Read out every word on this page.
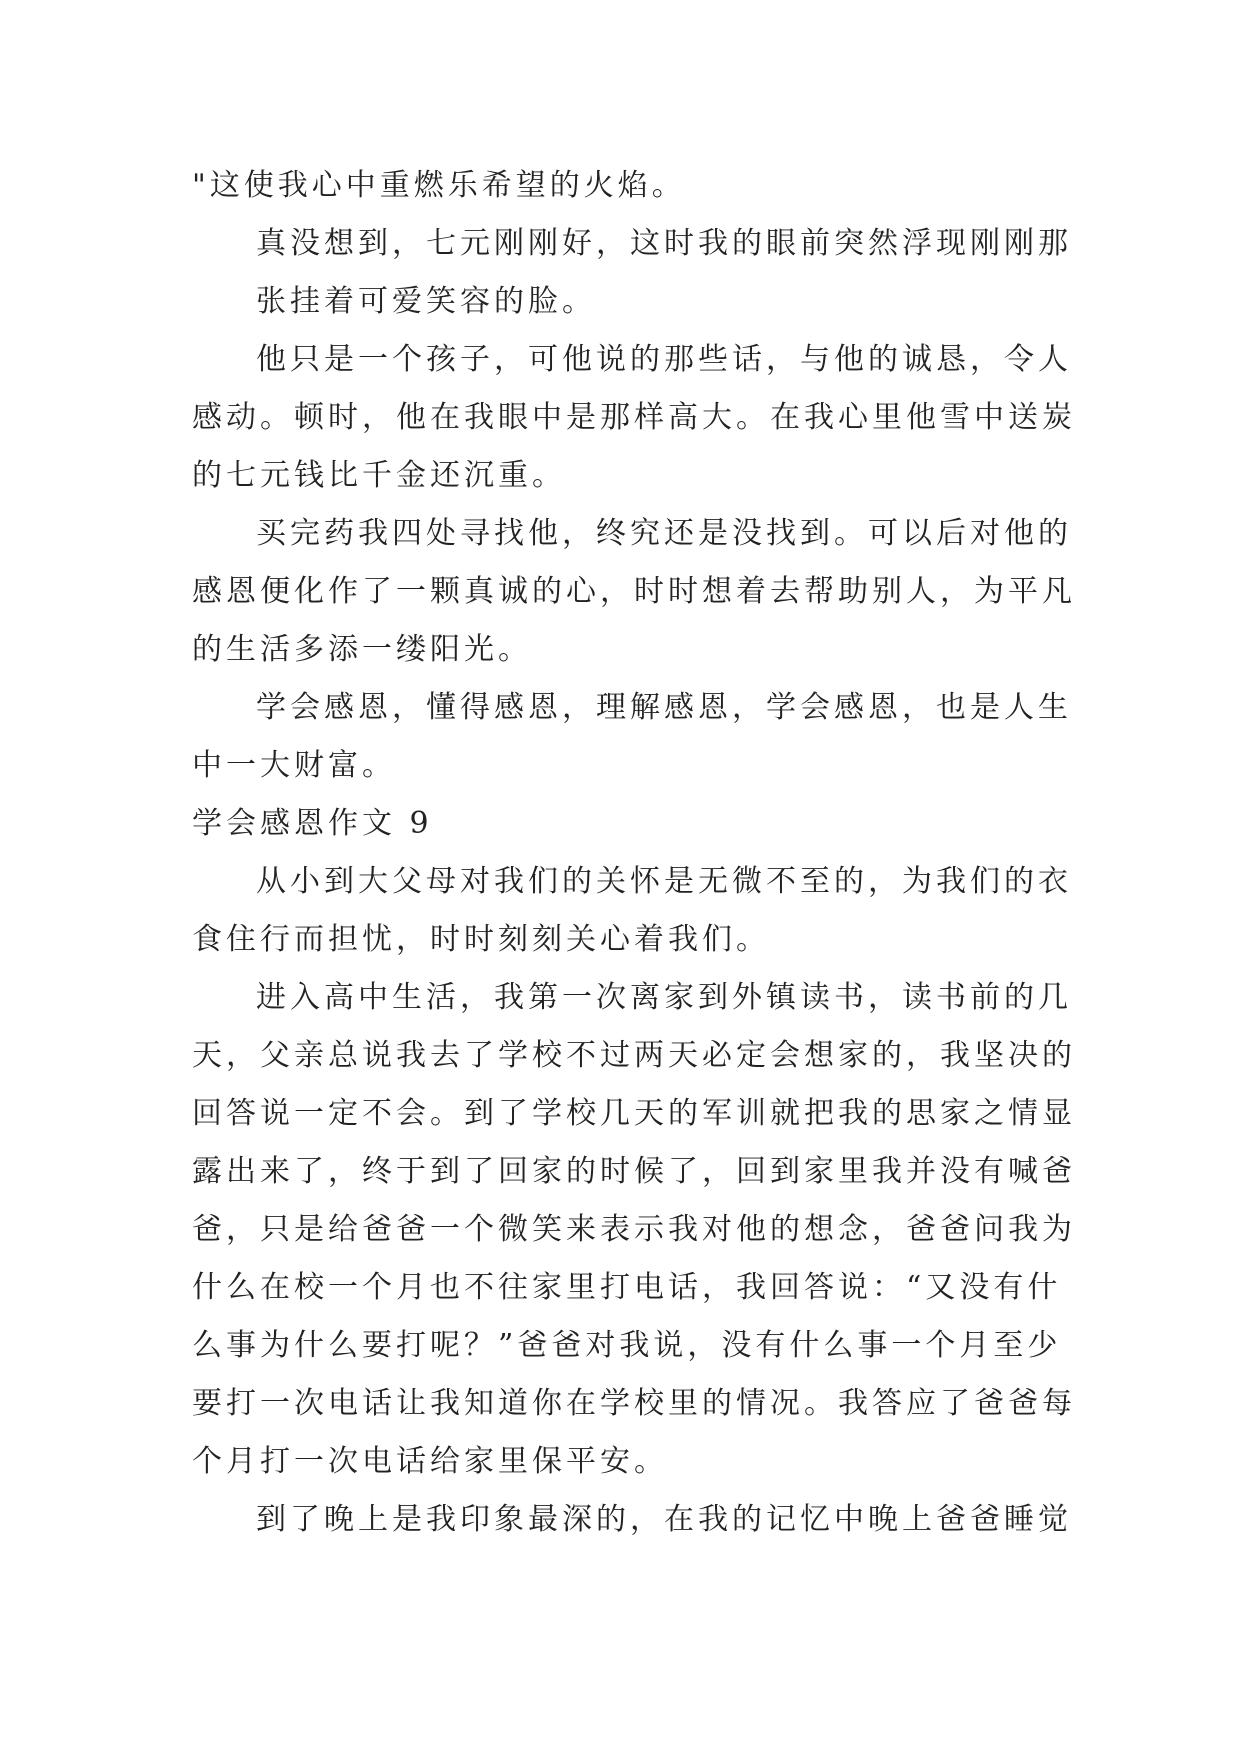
"这使我心中重燃乐希望的火焰。

真没想到，七元刚刚好，这时我的眼前突然浮现刚刚那
张挂着可爱笑容的脸。

他只是一个孩子，可他说的那些话，与他的诚恳，令人
感动。顿时，他在我眼中是那样高大。在我心里他雪中送炭
的七元钱比千金还沉重。

买完药我四处寻找他，终究还是没找到。可以后对他的
感恩便化作了一颗真诚的心，时时想着去帮助别人，为平凡
的生活多添一缕阳光。

学会感恩，懂得感恩，理解感恩，学会感恩，也是人生
中一大财富。

学会感恩作文 9

从小到大父母对我们的关怀是无微不至的，为我们的衣
食住行而担忧，时时刻刻关心着我们。

进入高中生活，我第一次离家到外镇读书，读书前的几
天，父亲总说我去了学校不过两天必定会想家的，我坚决的
回答说一定不会。到了学校几天的军训就把我的思家之情显
露出来了，终于到了回家的时候了，回到家里我并没有喊爸
爸，只是给爸爸一个微笑来表示我对他的想念，爸爸问我为
什么在校一个月也不往家里打电话，我回答说：“又没有什
么事为什么要打呢？”爸爸对我说，没有什么事一个月至少
要打一次电话让我知道你在学校里的情况。我答应了爸爸每
个月打一次电话给家里保平安。

到了晚上是我印象最深的，在我的记忆中晚上爸爸睡觉
